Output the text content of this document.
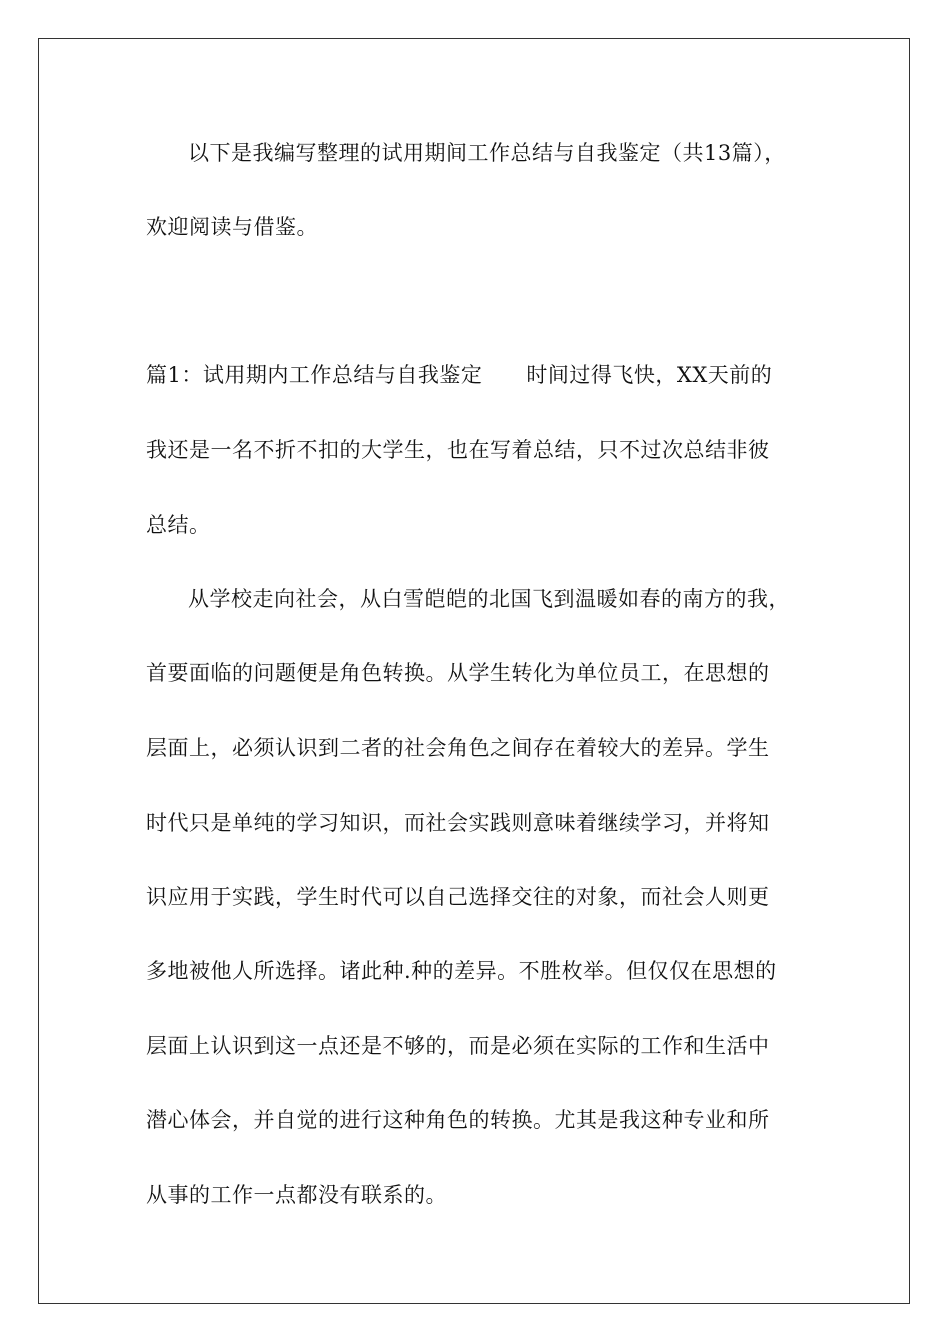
以下是我编写整理的试用期间工作总结与自我鉴定（共13篇），
欢迎阅读与借鉴。
篇1：试用期内工作总结与自我鉴定 时间过得飞快，XX天前的
我还是一名不折不扣的大学生，也在写着总结，只不过次总结非彼
总结。
从学校走向社会，从白雪皑皑的北国飞到温暖如春的南方的我，
首要面临的问题便是角色转换。从学生转化为单位员工，在思想的
层面上，必须认识到二者的社会角色之间存在着较大的差异。学生
时代只是单纯的学习知识，而社会实践则意味着继续学习，并将知
识应用于实践，学生时代可以自己选择交往的对象，而社会人则更
多地被他人所选择。诸此种.种的差异。不胜枚举。但仅仅在思想的
层面上认识到这一点还是不够的，而是必须在实际的工作和生活中
潜心体会，并自觉的进行这种角色的转换。尤其是我这种专业和所
从事的工作一点都没有联系的。
